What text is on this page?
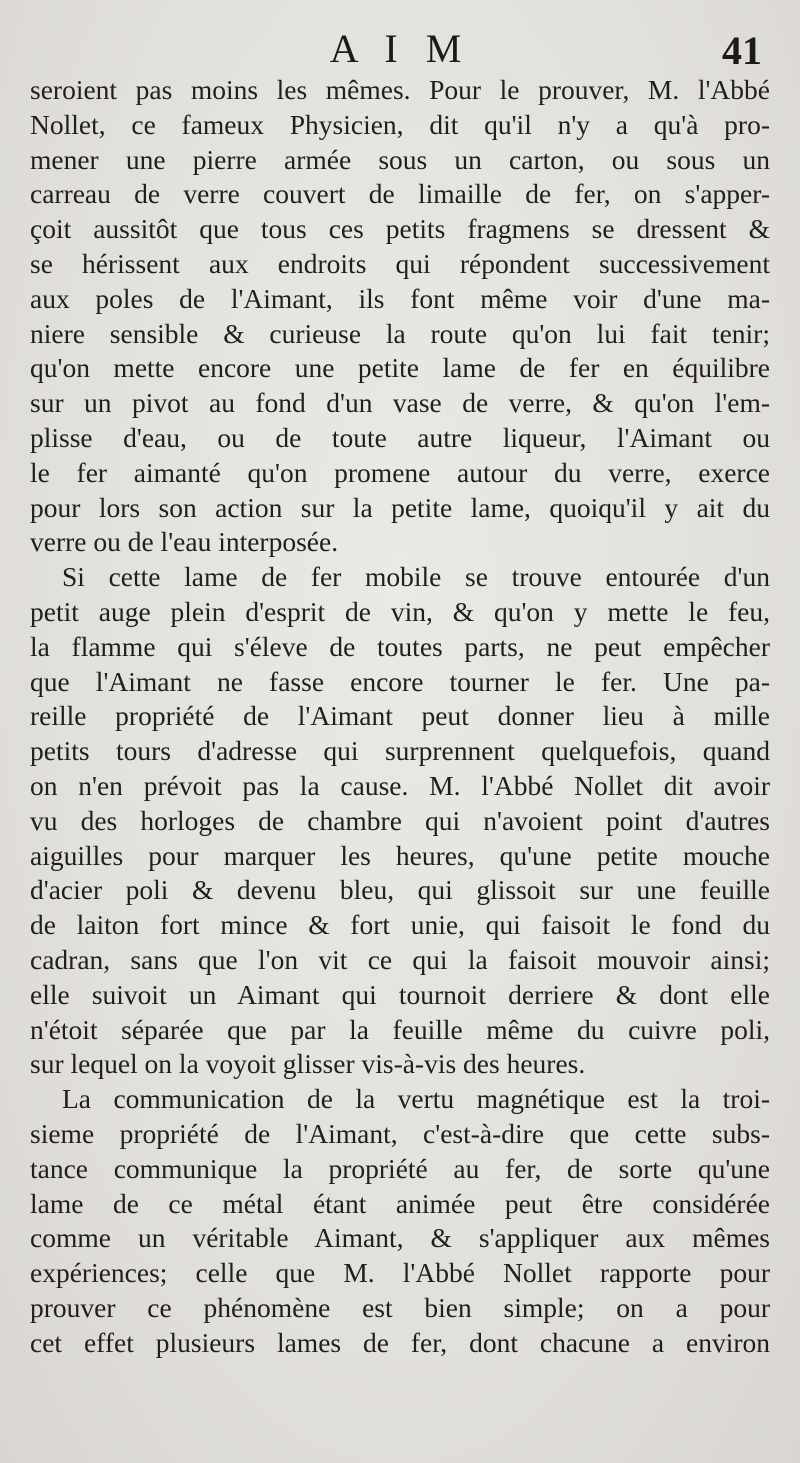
A I M	41
seroient pas moins les mêmes. Pour le prouver, M. l'Abbé
Nollet, ce fameux Physicien, dit qu'il n'y a qu'à pro-
mener une pierre armée sous un carton, ou sous un
carreau de verre couvert de limaille de fer, on s'apper-
çoit aussitôt que tous ces petits fragmens se dressent &
se hérissent aux endroits qui répondent successivement
aux poles de l'Aimant, ils font même voir d'une ma-
niere sensible & curieuse la route qu'on lui fait tenir;
qu'on mette encore une petite lame de fer en équilibre
sur un pivot au fond d'un vase de verre, & qu'on l'em-
plisse d'eau, ou de toute autre liqueur, l'Aimant ou
le fer aimanté qu'on promene autour du verre, exerce
pour lors son action sur la petite lame, quoiqu'il y ait du
verre ou de l'eau interposée.
Si cette lame de fer mobile se trouve entourée d'un
petit auge plein d'esprit de vin, & qu'on y mette le feu,
la flamme qui s'éleve de toutes parts, ne peut empêcher
que l'Aimant ne fasse encore tourner le fer. Une pa-
reille propriété de l'Aimant peut donner lieu à mille
petits tours d'adresse qui surprennent quelquefois, quand
on n'en prévoit pas la cause. M. l'Abbé Nollet dit avoir
vu des horloges de chambre qui n'avoient point d'autres
aiguilles pour marquer les heures, qu'une petite mouche
d'acier poli & devenu bleu, qui glissoit sur une feuille
de laiton fort mince & fort unie, qui faisoit le fond du
cadran, sans que l'on vit ce qui la faisoit mouvoir ainsi;
elle suivoit un Aimant qui tournoit derriere & dont elle
n'étoit séparée que par la feuille même du cuivre poli,
sur lequel on la voyoit glisser vis-à-vis des heures.
La communication de la vertu magnétique est la troi-
sieme propriété de l'Aimant, c'est-à-dire que cette subs-
tance communique la propriété au fer, de sorte qu'une
lame de ce métal étant animée peut être considérée
comme un véritable Aimant, & s'appliquer aux mêmes
expériences; celle que M. l'Abbé Nollet rapporte pour
prouver ce phénomène est bien simple; on a pour
cet effet plusieurs lames de fer, dont chacune a environ
